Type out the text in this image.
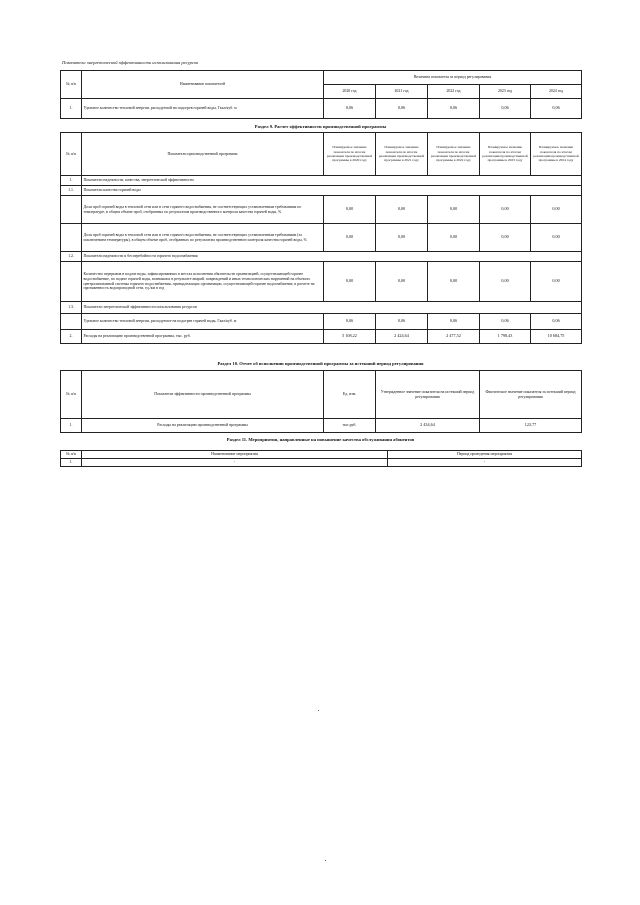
Показатели энергетической эффективности использования ресурсов
№ п/п	Наименование показателей	Величина показателя за период регулирования				
		2020 год	2021 год	2022 год	2023 год	2024 год
1.	Удельное количество тепловой энергии, расходуемой на подогрев горячей воды, Гкал/куб. м	0,06	0,06	0,06	0,06	0,06
Раздел 9. Расчет эффективности производственной программы
№ п/п	Показатели производственной программы	Планируемое значение показателя по итогам реализации производственной программы в 2020 году	Планируемое значение показателя по итогам реализации производственной программы в 2021 году	Планируемое значение показателя по итогам реализации производственной программы в 2022 году	Планируемое значение показателя по итогам реализации производственной программы в 2023 году	Планируемое значение показателя по итогам реализации производственной программы в 2024 году
1.	Показатели надежности, качества, энергетической эффективности:					
1.1.	Показатели качества горячей воды					
	Доля проб горячей воды в тепловой сети или в сети горячего водоснабжения, не соответствующих установленным требованиям по температуре, в общем объеме проб, отобранных по результатам производственного контроля качества горячей воды, %	0,00	0,00	0,00	0,00	0,00
	Доля проб горячей воды в тепловой сети или в сети горячего водоснабжения, не соответствующих установленным требованиям (за исключением температуры), в общем объеме проб, отобранных по результатам производственного контроля качества горячей воды, %	0,00	0,00	0,00	0,00	0,00
1.2.	Показатели надежности и бесперебойности горячего водоснабжения					
	Количество перерывов в подаче воды, зафиксированных в местах исполнения обязательств организацией, осуществляющей горячее водоснабжение, по подаче горячей воды, возникших в результате аварий, повреждений и иных технологических нарушений на объектах централизованной системы горячего водоснабжения, принадлежащих организации, осуществляющей горячее водоснабжение, в расчете на протяженность водопроводной сети, ед./км в год	0,00	0,00	0,00	0,00	0,00
1.3.	Показатели энергетической эффективности использования ресурсов					
	Удельное количество тепловой энергии, расходуемое на подогрев горячей воды, Гкал/куб. м	0,06	0,06	0,06	0,06	0,06
2.	Расходы на реализацию производственной программы, тыс. руб.	5 108,22	2 424,64	2 477,52	1 798,43	10 684,75
Раздел 10. Отчет об исполнении производственной программы за истекший период регулирования
№ п/п	Показатели эффективности производственной программы	Ед. изм.	Утвержденное значение показателя на истекший период регулирования	Фактическое значение показателя за истекший период регулирования
1.	Расходы на реализацию производственной программы	тыс.руб.	2 434,64	123,77
Раздел 11. Мероприятия, направленные на повышение качества обслуживания абонентов
№ п/п	Наименование мероприятия	Период проведения мероприятия
1.	-	-
